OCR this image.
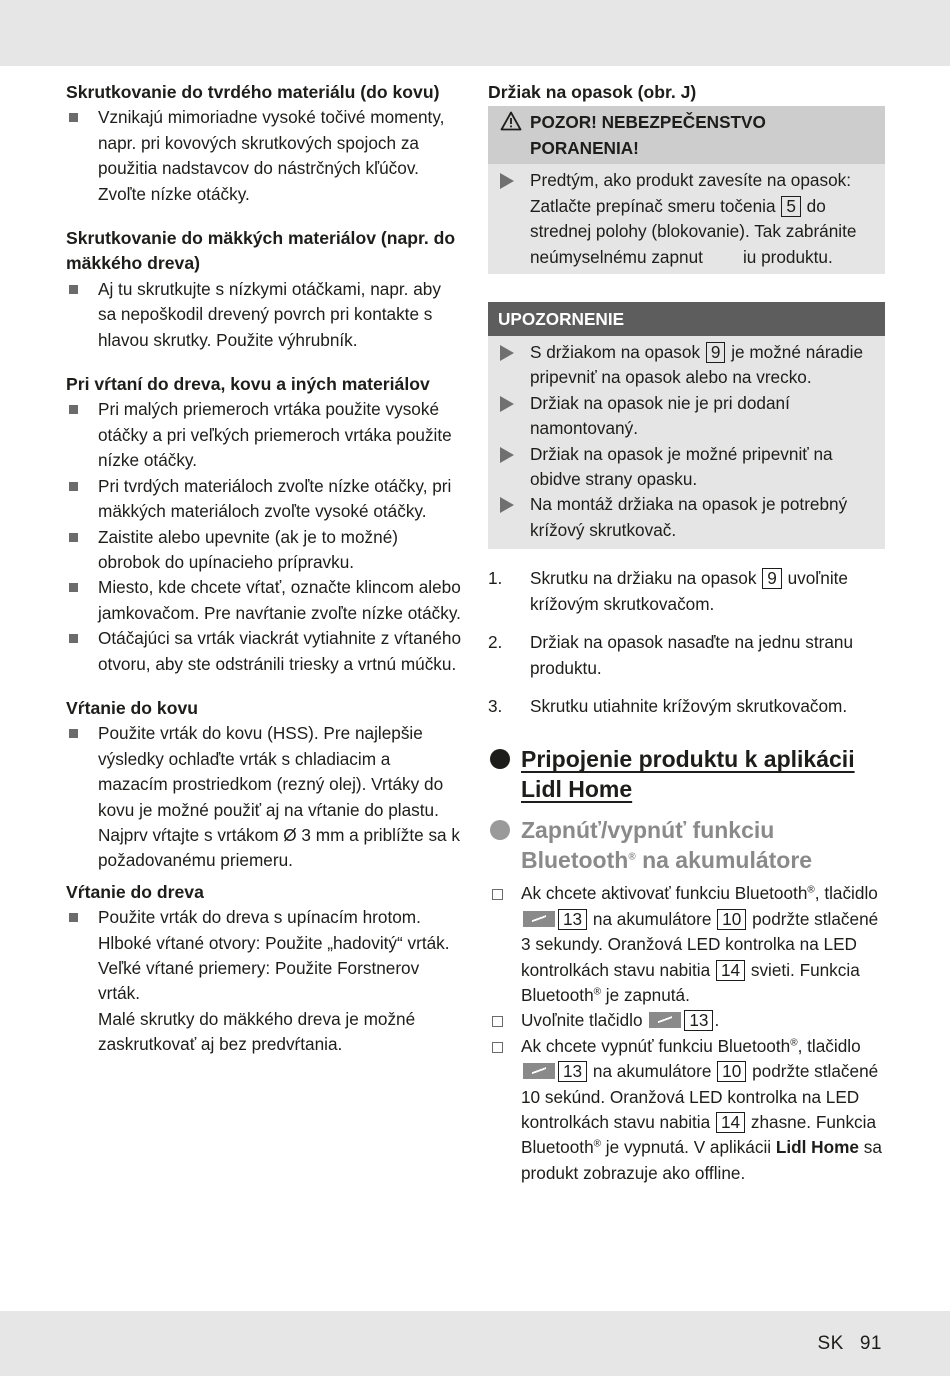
Skrutkovanie do tvrdého materiálu (do kovu)
Vznikajú mimoriadne vysoké točivé momenty, napr. pri kovových skrutkových spojoch za použitia nadstavcov do nástrčných kľúčov. Zvoľte nízke otáčky.
Skrutkovanie do mäkkých materiálov (napr. do mäkkého dreva)
Aj tu skrutkujte s nízkymi otáčkami, napr. aby sa nepoškodil drevený povrch pri kontakte s hlavou skrutky. Použite výhrubník.
Pri vŕtaní do dreva, kovu a iných materiálov
Pri malých priemeroch vrtáka použite vysoké otáčky a pri veľkých priemeroch vrtáka použite nízke otáčky.
Pri tvrdých materiáloch zvoľte nízke otáčky, pri mäkkých materiáloch zvoľte vysoké otáčky.
Zaistite alebo upevnite (ak je to možné) obrobok do upínacieho prípravku.
Miesto, kde chcete vŕtať, označte klincom alebo jamkovačom. Pre navŕtanie zvoľte nízke otáčky.
Otáčajúci sa vrták viackrát vytiahnite z vŕtaného otvoru, aby ste odstránili triesky a vrtnú múčku.
Vŕtanie do kovu
Použite vrták do kovu (HSS). Pre najlepšie výsledky ochlaďte vrták s chladiacim a mazacím prostriedkom (rezný olej). Vrtáky do kovu je možné použiť aj na vŕtanie do plastu. Najprv vŕtajte s vrtákom Ø 3 mm a priblížte sa k požadovanému priemeru.
Vŕtanie do dreva

Použite vrták do dreva s upínacím hrotom.

Hlboké vŕtané otvory: Použite „hadovitý“ vrták.

Veľké vŕtané priemery: Použite Forstnerov vrták.

Malé skrutky do mäkkého dreva je možné zaskrutkovať aj bez predvŕtania.

Držiak na opasok (obr. J)
POZOR! NEBEZPEČENSTVO PORANENIA!
Predtým, ako produkt zavesíte na opasok: Zatlačte prepínač smeru točenia 5 do strednej polohy (blokovanie). Tak zabránite neúmyselnému zapnut iu produktu.
UPOZORNENIE
S držiakom na opasok 9 je možné náradie pripevniť na opasok alebo na vrecko.
Držiak na opasok nie je pri dodaní namontovaný.
Držiak na opasok je možné pripevniť na obidve strany opasku.
Na montáž držiaka na opasok je potrebný krížový skrutkovač.
1. Skrutku na držiaku na opasok 9 uvoľnite krížovým skrutkovačom.
2. Držiak na opasok nasaďte na jednu stranu produktu.
3. Skrutku utiahnite krížovým skrutkovačom.
Pripojenie produktu k aplikácii Lidl Home
Zapnúť/vypnúť funkciu Bluetooth® na akumulátore
Ak chcete aktivovať funkciu Bluetooth®, tlačidlo 13 na akumulátore 10 podržte stlačené 3 sekundy. Oranžová LED kontrolka na LED kontrolkách stavu nabitia 14 svieti. Funkcia Bluetooth® je zapnutá.
Uvoľnite tlačidlo	13 .
Ak chcete vypnúť funkciu Bluetooth®, tlačidlo 13 na akumulátore 10 podržte stlačené 10 sekúnd. Oranžová LED kontrolka na LED kontrolkách stavu nabitia 14 zhasne. Funkcia Bluetooth® je vypnutá. V aplikácii Lidl Home sa produkt zobrazuje ako offline.
SK 91
